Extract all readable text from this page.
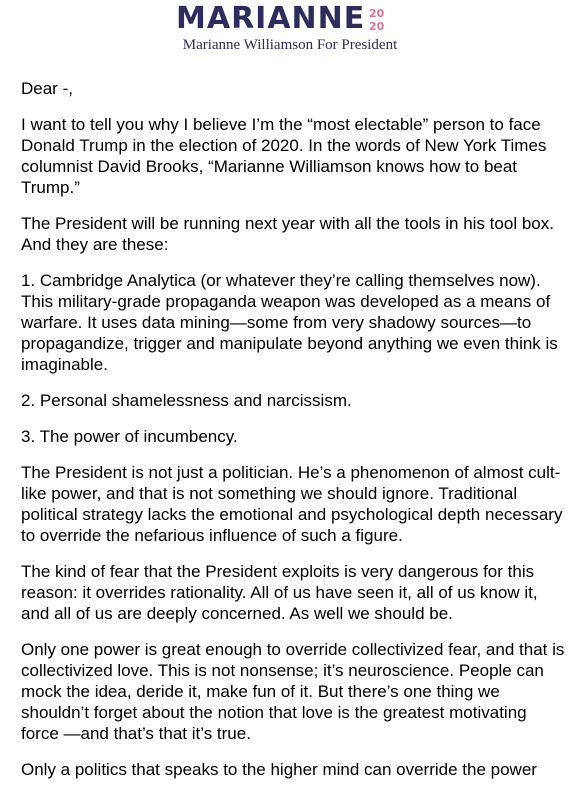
MARIANNE 20
20
Marianne Williamson For President

Dear -,

I want to tell you why I believe I’m the “most electable” person to face Donald Trump in the election of 2020. In the words of New York Times columnist David Brooks, “Marianne Williamson knows how to beat Trump.”

The President will be running next year with all the tools in his tool box. And they are these:

1. Cambridge Analytica (or whatever they’re calling themselves now). This military-grade propaganda weapon was developed as a means of warfare. It uses data mining—some from very shadowy sources—to propagandize, trigger and manipulate beyond anything we even think is imaginable.

2. Personal shamelessness and narcissism.

3. The power of incumbency.

The President is not just a politician. He’s a phenomenon of almost cult-like power, and that is not something we should ignore. Traditional political strategy lacks the emotional and psychological depth necessary to override the nefarious influence of such a figure.

The kind of fear that the President exploits is very dangerous for this reason: it overrides rationality. All of us have seen it, all of us know it, and all of us are deeply concerned. As well we should be.

Only one power is great enough to override collectivized fear, and that is collectivized love. This is not nonsense; it’s neuroscience. People can mock the idea, deride it, make fun of it. But there’s one thing we shouldn’t forget about the notion that love is the greatest motivating force —and that’s that it’s true.

Only a politics that speaks to the higher mind can override the power
